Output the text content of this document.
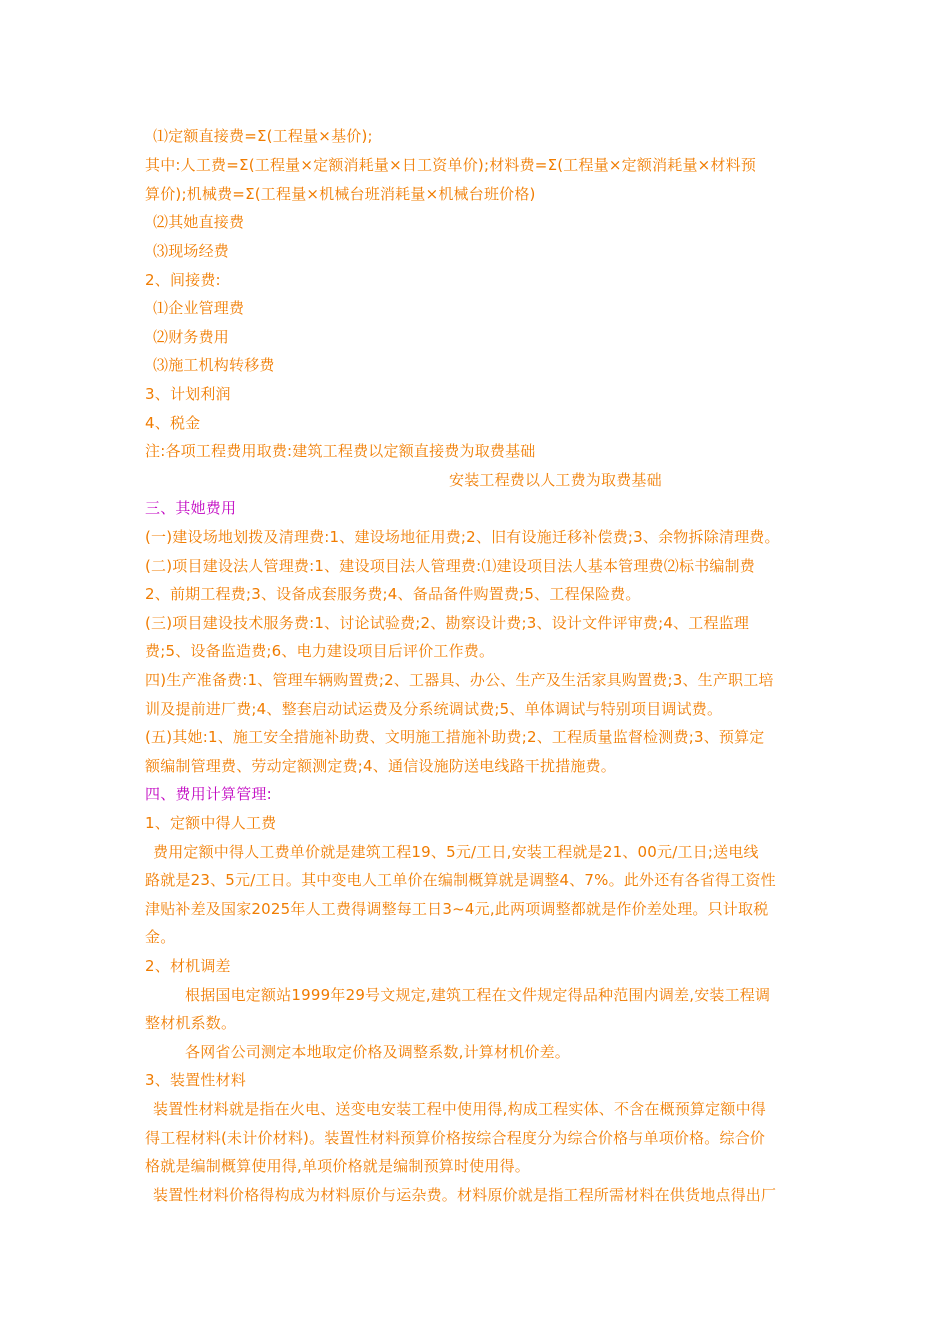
⑴定额直接费=Σ(工程量×基价);
其中:人工费=Σ(工程量×定额消耗量×日工资单价);材料费=Σ(工程量×定额消耗量×材料预
算价);机械费=Σ(工程量×机械台班消耗量×机械台班价格)
⑵其她直接费
⑶现场经费
2、间接费:
⑴企业管理费
⑵财务费用
⑶施工机构转移费
3、计划利润
4、税金
注:各项工程费用取费:建筑工程费以定额直接费为取费基础
安装工程费以人工费为取费基础
三、其她费用
(一)建设场地划拨及清理费:1、建设场地征用费;2、旧有设施迁移补偿费;3、余物拆除清理费。
(二)项目建设法人管理费:1、建设项目法人管理费:⑴建设项目法人基本管理费⑵标书编制费
2、前期工程费;3、设备成套服务费;4、备品备件购置费;5、工程保险费。
(三)项目建设技术服务费:1、讨论试验费;2、勘察设计费;3、设计文件评审费;4、工程监理
费;5、设备监造费;6、电力建设项目后评价工作费。
四)生产准备费:1、管理车辆购置费;2、工器具、办公、生产及生活家具购置费;3、生产职工培
训及提前进厂费;4、整套启动试运费及分系统调试费;5、单体调试与特别项目调试费。
(五)其她:1、施工安全措施补助费、文明施工措施补助费;2、工程质量监督检测费;3、预算定
额编制管理费、劳动定额测定费;4、通信设施防送电线路干扰措施费。
四、费用计算管理:
1、定额中得人工费
费用定额中得人工费单价就是建筑工程19、5元/工日,安装工程就是21、00元/工日;送电线
路就是23、5元/工日。其中变电人工单价在编制概算就是调整4、7%。此外还有各省得工资性
津贴补差及国家2025年人工费得调整每工日3~4元,此两项调整都就是作价差处理。只计取税
金。
2、材机调差
根据国电定额站1999年29号文规定,建筑工程在文件规定得品种范围内调差,安装工程调
整材机系数。
各网省公司测定本地取定价格及调整系数,计算材机价差。
3、装置性材料
装置性材料就是指在火电、送变电安装工程中使用得,构成工程实体、不含在概预算定额中得
得工程材料(未计价材料)。装置性材料预算价格按综合程度分为综合价格与单项价格。综合价
格就是编制概算使用得,单项价格就是编制预算时使用得。
装置性材料价格得构成为材料原价与运杂费。材料原价就是指工程所需材料在供货地点得出厂
